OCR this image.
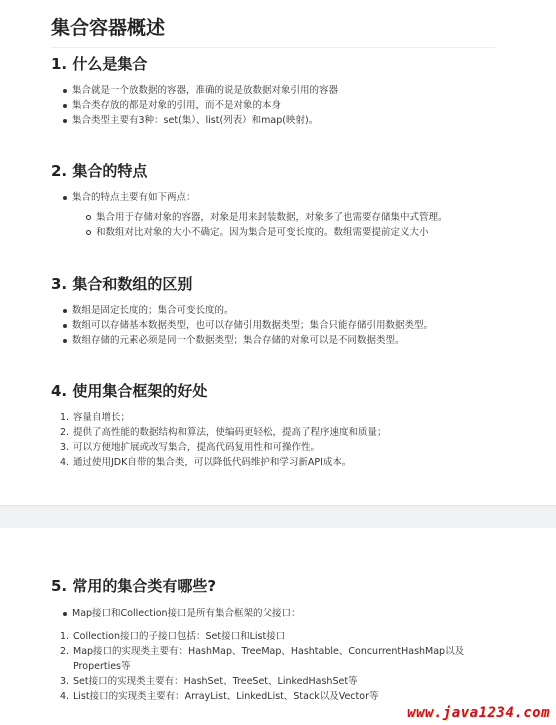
集合容器概述
1. 什么是集合
集合就是一个放数据的容器，准确的说是放数据对象引用的容器
集合类存放的都是对象的引用，而不是对象的本身
集合类型主要有3种：set(集）、list(列表）和map(映射)。
2. 集合的特点
集合的特点主要有如下两点：
集合用于存储对象的容器，对象是用来封装数据，对象多了也需要存储集中式管理。
和数组对比对象的大小不确定。因为集合是可变长度的。数组需要提前定义大小
3. 集合和数组的区别
数组是固定长度的；集合可变长度的。
数组可以存储基本数据类型，也可以存储引用数据类型；集合只能存储引用数据类型。
数组存储的元素必须是同一个数据类型；集合存储的对象可以是不同数据类型。
4. 使用集合框架的好处
1. 容量自增长；
2. 提供了高性能的数据结构和算法，使编码更轻松，提高了程序速度和质量；
3. 可以方便地扩展或改写集合，提高代码复用性和可操作性。
4. 通过使用JDK自带的集合类，可以降低代码维护和学习新API成本。
5. 常用的集合类有哪些?
Map接口和Collection接口是所有集合框架的父接口：
1. Collection接口的子接口包括：Set接口和List接口
2. Map接口的实现类主要有：HashMap、TreeMap、Hashtable、ConcurrentHashMap以及
Properties等
3. Set接口的实现类主要有：HashSet、TreeSet、LinkedHashSet等
4. List接口的实现类主要有：ArrayList、LinkedList、Stack以及Vector等
www.java1234.com
